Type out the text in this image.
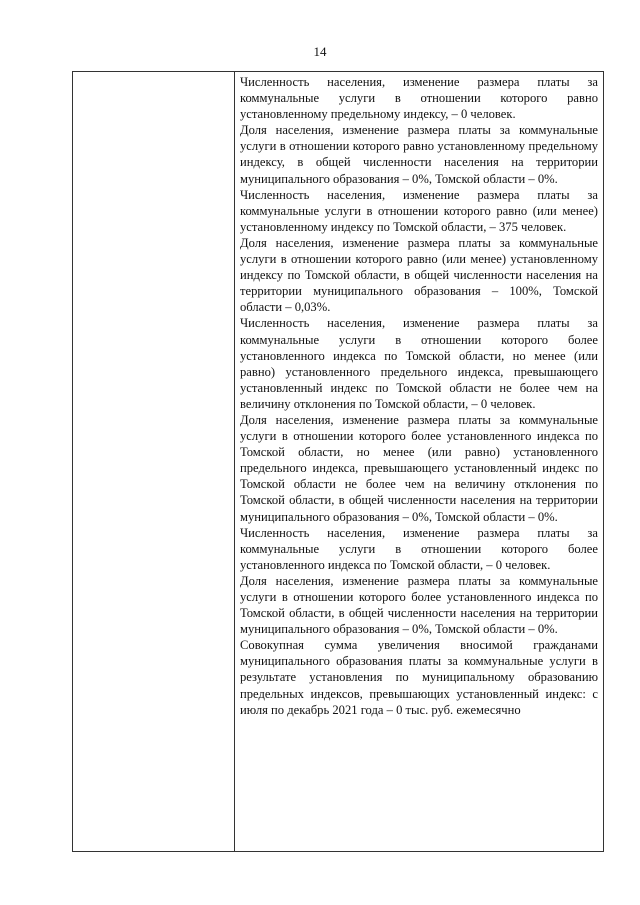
14

Численность населения, изменение размера платы за коммунальные услуги в отношении которого равно установленному предельному индексу, – 0 человек.

Доля населения, изменение размера платы за коммунальные услуги в отношении которого равно установленному предельному индексу, в общей численности населения на территории муниципального образования – 0%, Томской области – 0%.

Численность населения, изменение размера платы за коммунальные услуги в отношении которого равно (или менее) установленному индексу по Томской области, – 375 человек.

Доля населения, изменение размера платы за коммунальные услуги в отношении которого равно (или менее) установленному индексу по Томской области, в общей численности населения на территории муниципального образования – 100%, Томской области – 0,03%.

Численность населения, изменение размера платы за коммунальные услуги в отношении которого более установленного индекса по Томской области, но менее (или равно) установленного предельного индекса, превышающего установленный индекс по Томской области не более чем на величину отклонения по Томской области, – 0 человек.

Доля населения, изменение размера платы за коммунальные услуги в отношении которого более установленного индекса по Томской области, но менее (или равно) установленного предельного индекса, превышающего установленный индекс по Томской области не более чем на величину отклонения по Томской области, в общей численности населения на территории муниципального образования – 0%, Томской области – 0%.

Численность населения, изменение размера платы за коммунальные услуги в отношении которого более установленного индекса по Томской области, – 0 человек.

Доля населения, изменение размера платы за коммунальные услуги в отношении которого более установленного индекса по Томской области, в общей численности населения на территории муниципального образования – 0%, Томской области – 0%.

Совокупная сумма увеличения вносимой гражданами муниципального образования платы за коммунальные услуги в результате установления по муниципальному образованию предельных индексов, превышающих установленный индекс: с июля по декабрь 2021 года – 0 тыс. руб. ежемесячно
